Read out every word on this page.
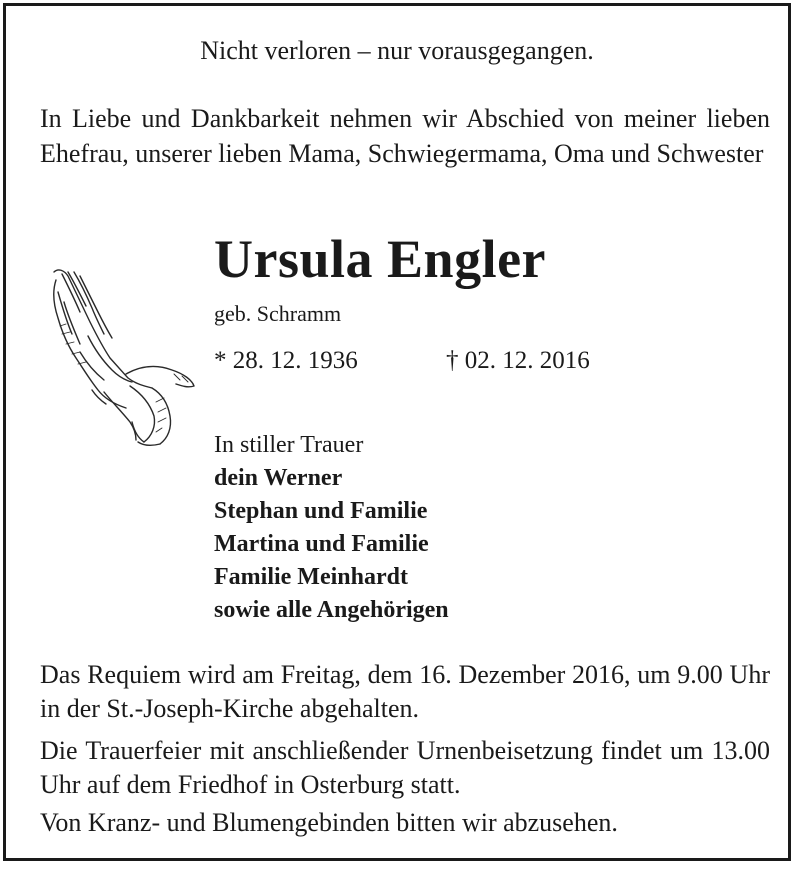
Nicht verloren – nur vorausgegangen.
In Liebe und Dankbarkeit nehmen wir Abschied von meiner lieben Ehefrau, unserer lieben Mama, Schwiegermama, Oma und Schwester
Ursula Engler
geb. Schramm
* 28. 12. 1936	† 02. 12. 2016
In stiller Trauer
dein Werner
Stephan und Familie
Martina und Familie
Familie Meinhardt
sowie alle Angehörigen
Das Requiem wird am Freitag, dem 16. Dezember 2016, um 9.00 Uhr in der St.-Joseph-Kirche abgehalten.
Die Trauerfeier mit anschließender Urnenbeisetzung findet um 13.00 Uhr auf dem Friedhof in Osterburg statt.
Von Kranz- und Blumengebinden bitten wir abzusehen.
